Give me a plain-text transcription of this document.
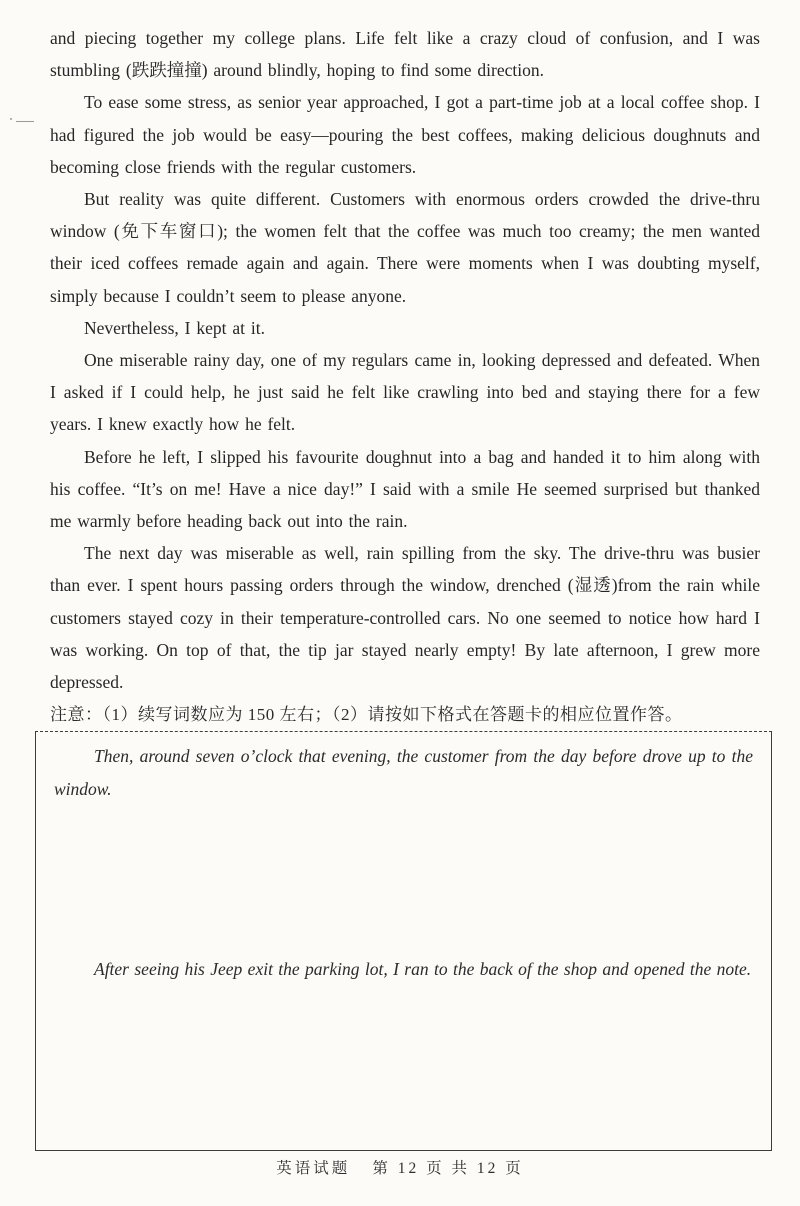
and piecing together my college plans. Life felt like a crazy cloud of confusion, and I was stumbling (跌跌撞撞) around blindly, hoping to find some direction.

To ease some stress, as senior year approached, I got a part-time job at a local coffee shop. I had figured the job would be easy—pouring the best coffees, making delicious doughnuts and becoming close friends with the regular customers.

But reality was quite different. Customers with enormous orders crowded the drive-thru window (免下车窗口); the women felt that the coffee was much too creamy; the men wanted their iced coffees remade again and again. There were moments when I was doubting myself, simply because I couldn’t seem to please anyone.

Nevertheless, I kept at it.

One miserable rainy day, one of my regulars came in, looking depressed and defeated. When I asked if I could help, he just said he felt like crawling into bed and staying there for a few years. I knew exactly how he felt.

Before he left, I slipped his favourite doughnut into a bag and handed it to him along with his coffee. “It’s on me! Have a nice day!” I said with a smile He seemed surprised but thanked me warmly before heading back out into the rain.

The next day was miserable as well, rain spilling from the sky. The drive-thru was busier than ever. I spent hours passing orders through the window, drenched (湿透)from the rain while customers stayed cozy in their temperature-controlled cars. No one seemed to notice how hard I was working. On top of that, the tip jar stayed nearly empty! By late afternoon, I grew more depressed.

注意：（1）续写词数应为 150 左右；（2）请按如下格式在答题卡的相应位置作答。

Then, around seven o’clock that evening, the customer from the day before drove up to the window.

After seeing his Jeep exit the parking lot, I ran to the back of the shop and opened the note.

英语试题 第 12 页 共 12 页
